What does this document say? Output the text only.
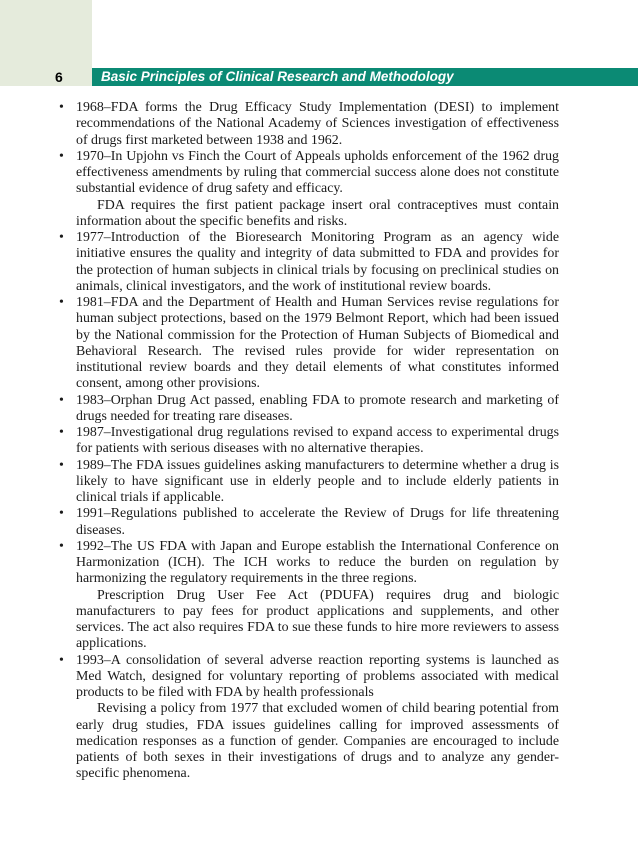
6	Basic Principles of Clinical Research and Methodology
• 1968–FDA forms the Drug Efficacy Study Implementation (DESI) to implement recommendations of the National Academy of Sciences investigation of effectiveness of drugs first marketed between 1938 and 1962.
• 1970–In Upjohn vs Finch the Court of Appeals upholds enforcement of the 1962 drug effectiveness amendments by ruling that commercial success alone does not constitute substantial evidence of drug safety and efficacy.
FDA requires the first patient package insert oral contraceptives must contain information about the specific benefits and risks.
• 1977–Introduction of the Bioresearch Monitoring Program as an agency wide initiative ensures the quality and integrity of data submitted to FDA and provides for the protection of human subjects in clinical trials by focusing on preclinical studies on animals, clinical investigators, and the work of institutional review boards.
• 1981–FDA and the Department of Health and Human Services revise regulations for human subject protections, based on the 1979 Belmont Report, which had been issued by the National commission for the Protection of Human Subjects of Biomedical and Behavioral Research. The revised rules provide for wider representation on institutional review boards and they detail elements of what constitutes informed consent, among other provisions.
• 1983–Orphan Drug Act passed, enabling FDA to promote research and marketing of drugs needed for treating rare diseases.
• 1987–Investigational drug regulations revised to expand access to experimental drugs for patients with serious diseases with no alternative therapies.
• 1989–The FDA issues guidelines asking manufacturers to determine whether a drug is likely to have significant use in elderly people and to include elderly patients in clinical trials if applicable.
• 1991–Regulations published to accelerate the Review of Drugs for life threatening diseases.
• 1992–The US FDA with Japan and Europe establish the International Conference on Harmonization (ICH). The ICH works to reduce the burden on regulation by harmonizing the regulatory requirements in the three regions.
Prescription Drug User Fee Act (PDUFA) requires drug and biologic manufacturers to pay fees for product applications and supplements, and other services. The act also requires FDA to sue these funds to hire more reviewers to assess applications.
• 1993–A consolidation of several adverse reaction reporting systems is launched as Med Watch, designed for voluntary reporting of problems associated with medical products to be filed with FDA by health professionals
Revising a policy from 1977 that excluded women of child bearing potential from early drug studies, FDA issues guidelines calling for improved assessments of medication responses as a function of gender. Companies are encouraged to include patients of both sexes in their investigations of drugs and to analyze any gender-specific phenomena.
